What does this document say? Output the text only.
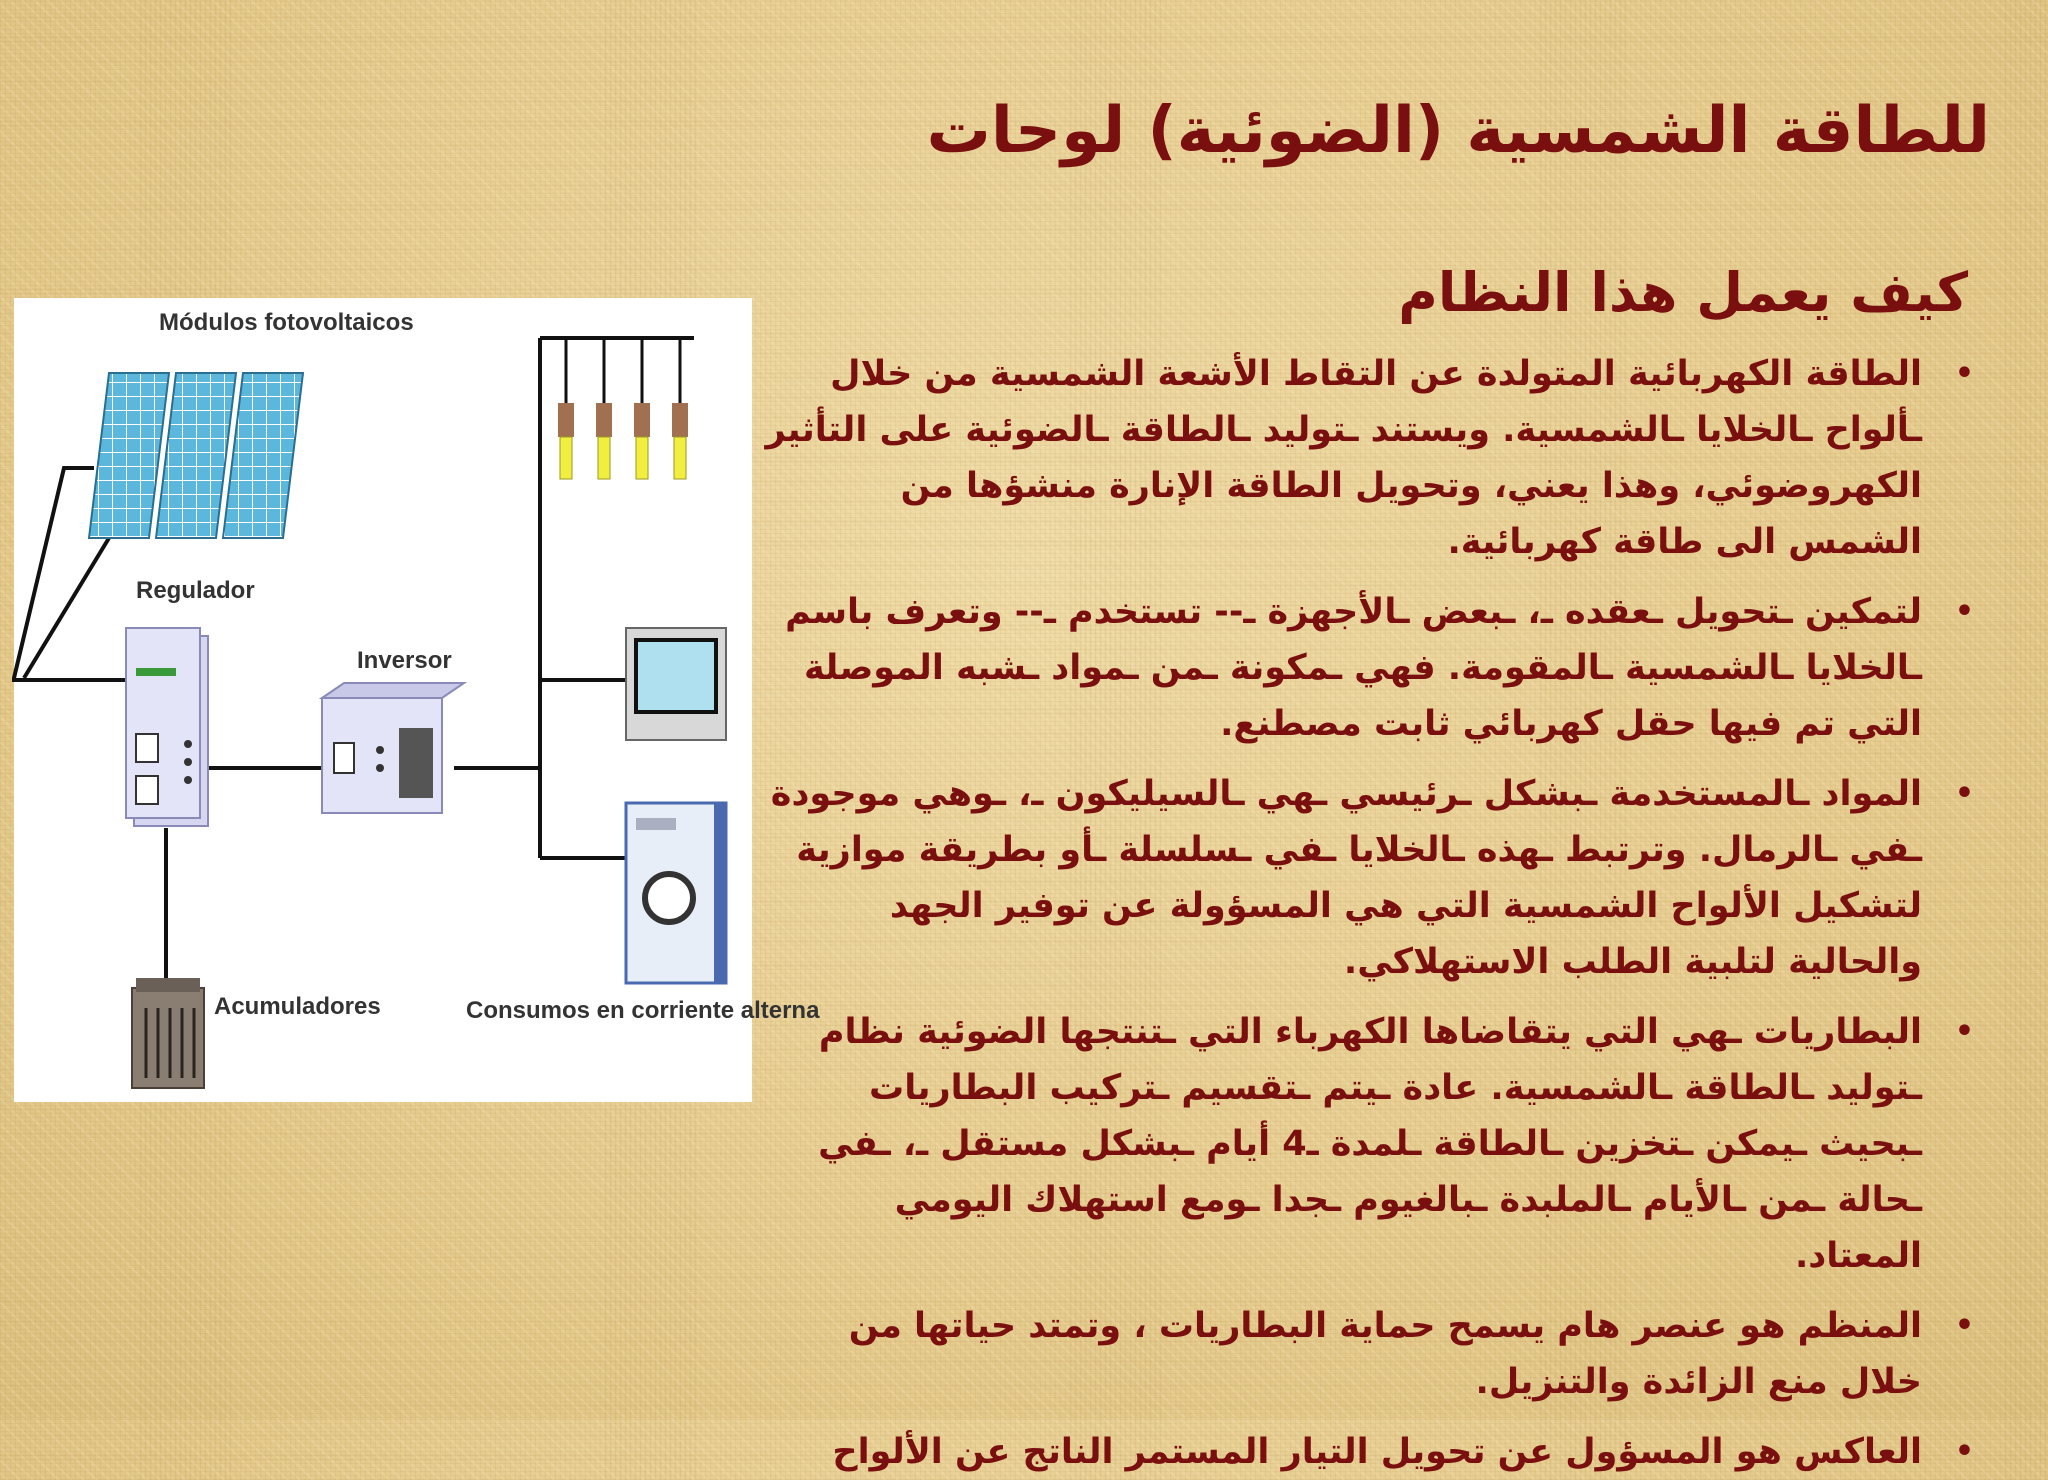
للطاقة الشمسية (الضوئية) لوحات
كيف يعمل هذا النظام
•
الطاقة الكهربائية المتولدة عن التقاط الأشعة الشمسية من خلال ـألواح ـالخلايا ـالشمسية. ويستند ـتوليد ـالطاقة ـالضوئية على التأثير الكهروضوئي، وهذا يعني، وتحويل الطاقة الإنارة منشؤها من الشمس الى طاقة كهربائية.
•
لتمكين ـتحويل ـعقده ـ، ـبعض ـالأجهزة ـ-- تستخدم ـ-- وتعرف باسم ـالخلايا ـالشمسية ـالمقومة. فهي ـمكونة ـمن ـمواد ـشبه الموصلة التي تم فيها حقل كهربائي ثابت مصطنع.
•
المواد ـالمستخدمة ـبشكل ـرئيسي ـهي ـالسيليكون ـ، ـوهي موجودة ـفي ـالرمال. وترتبط ـهذه ـالخلايا ـفي ـسلسلة ـأو بطريقة موازية لتشكيل الألواح الشمسية التي هي المسؤولة عن توفير الجهد والحالية لتلبية الطلب الاستهلاكي.
•
البطاريات ـهي التي يتقاضاها الكهرباء التي ـتنتجها الضوئية نظام ـتوليد ـالطاقة ـالشمسية. عادة ـيتم ـتقسيم ـتركيب البطاريات ـبحيث ـيمكن ـتخزين ـالطاقة ـلمدة ـ4 أيام ـبشكل مستقل ـ، ـفي ـحالة ـمن ـالأيام ـالملبدة ـبالغيوم ـجدا ـومع استهلاك اليومي المعتاد.
•
المنظم هو عنصر هام يسمح حماية البطاريات ، وتمتد حياتها من خلال منع الزائدة والتنزيل.
•
العاكس هو المسؤول عن تحويل التيار المستمر الناتج عن الألواح
Módulos fotovoltaicos
Regulador
Inversor
Acumuladores	Consumos en corriente alterna
